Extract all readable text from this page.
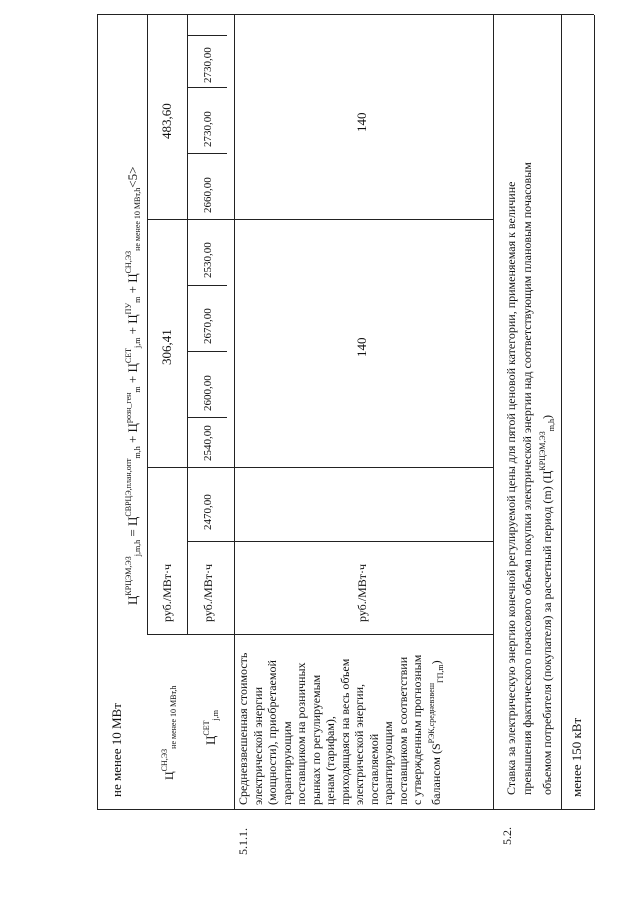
не менее 10 МВт
$Ц^{КРЦЭМ,ЭЗ}_{j,m,h} = Ц^{СВРЦЭ,план,опт}_{m,h} + Ц^{розн\_ген}_m + Ц^{СЕТ}_{j,m} + Ц^{ПУ}_m + Ц^{СН,ЭЗ}_{не менее 10 МВт,h}<5>$
$Ц^{СН,ЭЗ}_{не менее 10 МВт,h}$
руб./МВт·ч
306,41
483,60
$Ц^{СЕТ}_{j,m}$
руб./МВт·ч
2470,00
2540,00
2600,00
2670,00
2530,00
2660,00
2730,00
2730,00
5.1.1.
Средневзвешенная стоимость электрической энергии (мощности), приобретаемой гарантирующим поставщиком на розничных рынках по регулируемым ценам (тарифам), приходящаяся на весь объем электрической энергии, поставляемой гарантирующим поставщиком в соответствии с утвержденным прогнозным балансом $(S^{РЭК,средневзвеш}_{ГП,m})$
руб./МВт·ч
140
140
5.2.
Ставка за электрическую энергию конечной регулируемой цены для пятой ценовой категории, применяемая к величине превышения фактического почасового объема покупки электрической энергии над соответствующим плановым почасовым объемом потребителя (покупателя) за расчетный период (m) $(Ц^{КРЦЭМ,ЭЗ}_{m,h})$
менее 150 кВт
